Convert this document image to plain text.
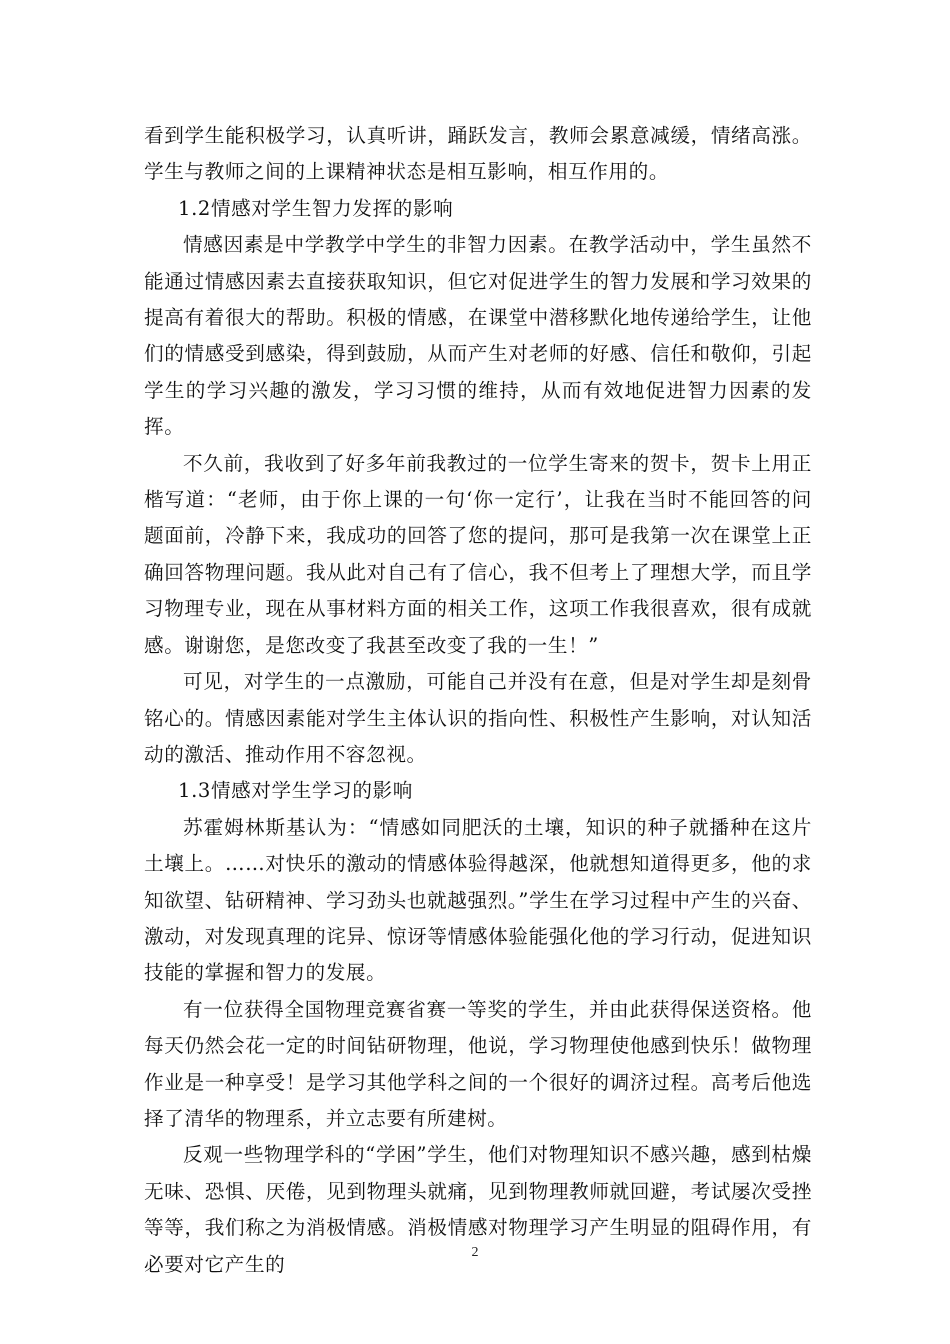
看到学生能积极学习，认真听讲，踊跃发言，教师会累意减缓，情绪高涨。学生与教师之间的上课精神状态是相互影响，相互作用的。

1.2情感对学生智力发挥的影响

情感因素是中学教学中学生的非智力因素。在教学活动中，学生虽然不能通过情感因素去直接获取知识，但它对促进学生的智力发展和学习效果的提高有着很大的帮助。积极的情感，在课堂中潜移默化地传递给学生，让他们的情感受到感染，得到鼓励，从而产生对老师的好感、信任和敬仰，引起学生的学习兴趣的激发，学习习惯的维持，从而有效地促进智力因素的发挥。

不久前，我收到了好多年前我教过的一位学生寄来的贺卡，贺卡上用正楷写道：“老师，由于你上课的一句‘你一定行’，让我在当时不能回答的问题面前，冷静下来，我成功的回答了您的提问，那可是我第一次在课堂上正确回答物理问题。我从此对自己有了信心，我不但考上了理想大学，而且学习物理专业，现在从事材料方面的相关工作，这项工作我很喜欢，很有成就感。谢谢您，是您改变了我甚至改变了我的一生！”

可见，对学生的一点激励，可能自己并没有在意，但是对学生却是刻骨铭心的。情感因素能对学生主体认识的指向性、积极性产生影响，对认知活动的激活、推动作用不容忽视。

1.3情感对学生学习的影响

苏霍姆林斯基认为：“情感如同肥沃的土壤，知识的种子就播种在这片土壤上。……对快乐的激动的情感体验得越深，他就想知道得更多，他的求知欲望、钻研精神、学习劲头也就越强烈。”学生在学习过程中产生的兴奋、激动，对发现真理的诧异、惊讶等情感体验能强化他的学习行动，促进知识技能的掌握和智力的发展。

有一位获得全国物理竞赛省赛一等奖的学生，并由此获得保送资格。他每天仍然会花一定的时间钻研物理，他说，学习物理使他感到快乐！做物理作业是一种享受！是学习其他学科之间的一个很好的调济过程。高考后他选择了清华的物理系，并立志要有所建树。

反观一些物理学科的“学困”学生，他们对物理知识不感兴趣，感到枯燥无味、恐惧、厌倦，见到物理头就痛，见到物理教师就回避，考试屡次受挫等等，我们称之为消极情感。消极情感对物理学习产生明显的阻碍作用，有必要对它产生的

2
